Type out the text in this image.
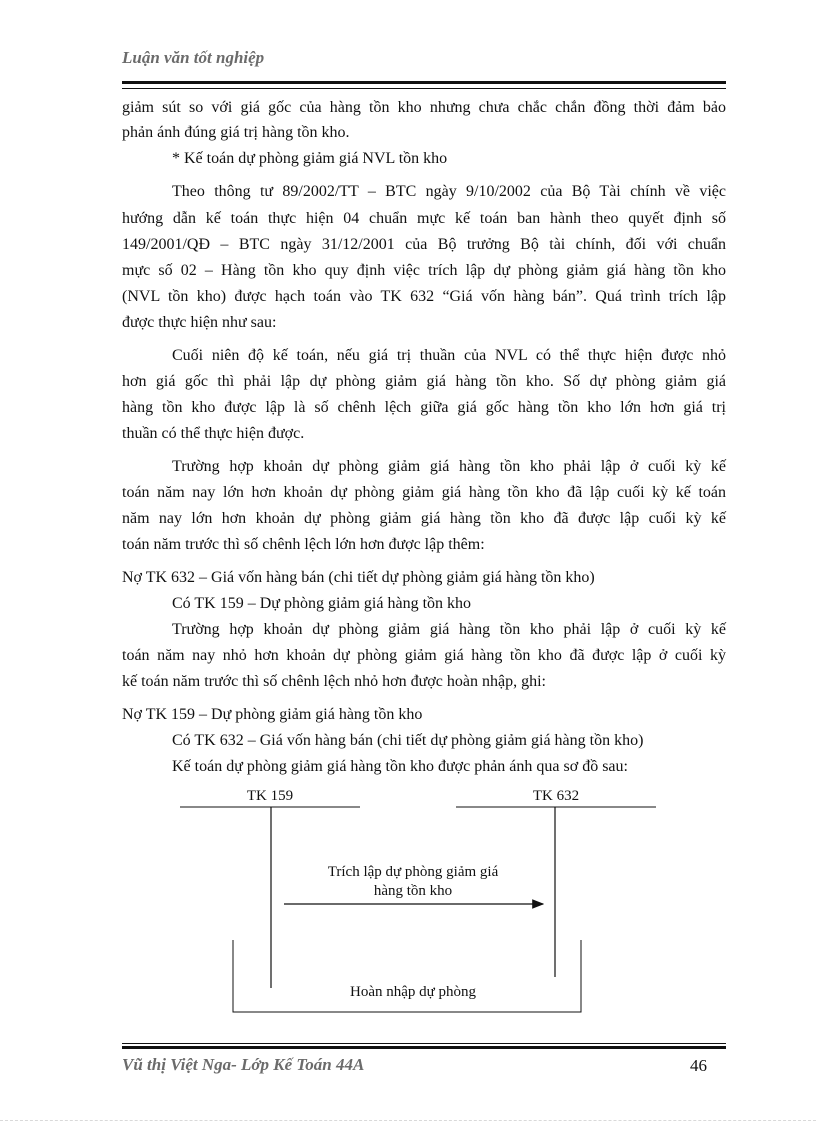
Luận văn tốt nghiệp
giảm sút so với giá gốc của hàng tồn kho nhưng chưa chắc chắn đồng thời đảm bảo
phản ánh đúng giá trị hàng tồn kho.
* Kế toán dự phòng giảm giá NVL tồn kho
Theo thông tư 89/2002/TT – BTC ngày 9/10/2002 của Bộ Tài chính về việc
hướng dẫn kế toán thực hiện 04 chuẩn mực kế toán ban hành theo quyết định số
149/2001/QĐ – BTC ngày 31/12/2001 của Bộ trưởng Bộ tài chính, đối với chuẩn
mực số 02 – Hàng tồn kho quy định việc trích lập dự phòng giảm giá hàng tồn kho
(NVL tồn kho) được hạch toán vào TK 632 “Giá vốn hàng bán”. Quá trình trích lập
được thực hiện như sau:
Cuối niên độ kế toán, nếu giá trị thuần của NVL có thể thực hiện được nhỏ
hơn giá gốc thì phải lập dự phòng giảm giá hàng tồn kho. Số dự phòng giảm giá
hàng tồn kho được lập là số chênh lệch giữa giá gốc hàng tồn kho lớn hơn giá trị
thuần có thể thực hiện được.
Trường hợp khoản dự phòng giảm giá hàng tồn kho phải lập ở cuối kỳ kế
toán năm nay lớn hơn khoản dự phòng giảm giá hàng tồn kho đã lập cuối kỳ kế toán
năm nay lớn hơn khoản dự phòng giảm giá hàng tồn kho đã được lập cuối kỳ kế
toán năm trước thì số chênh lệch lớn hơn được lập thêm:
Nợ TK 632 – Giá vốn hàng bán (chi tiết dự phòng giảm giá hàng tồn kho)
Có TK 159 – Dự phòng giảm giá hàng tồn kho
Trường hợp khoản dự phòng giảm giá hàng tồn kho phải lập ở cuối kỳ kế
toán năm nay nhỏ hơn khoản dự phòng giảm giá hàng tồn kho đã được lập ở cuối kỳ
kế toán năm trước thì số chênh lệch nhỏ hơn được hoàn nhập, ghi:
Nợ TK 159 – Dự phòng giảm giá hàng tồn kho
Có TK 632 – Giá vốn hàng bán (chi tiết dự phòng giảm giá hàng tồn kho)
Kế toán dự phòng giảm giá hàng tồn kho được phản ánh qua sơ đồ sau:
TK 159	TK 632
Trích lập dự phòng giảm giá
hàng tồn kho
Hoàn nhập dự phòng
Vũ thị Việt Nga- Lớp Kế Toán 44A	46
